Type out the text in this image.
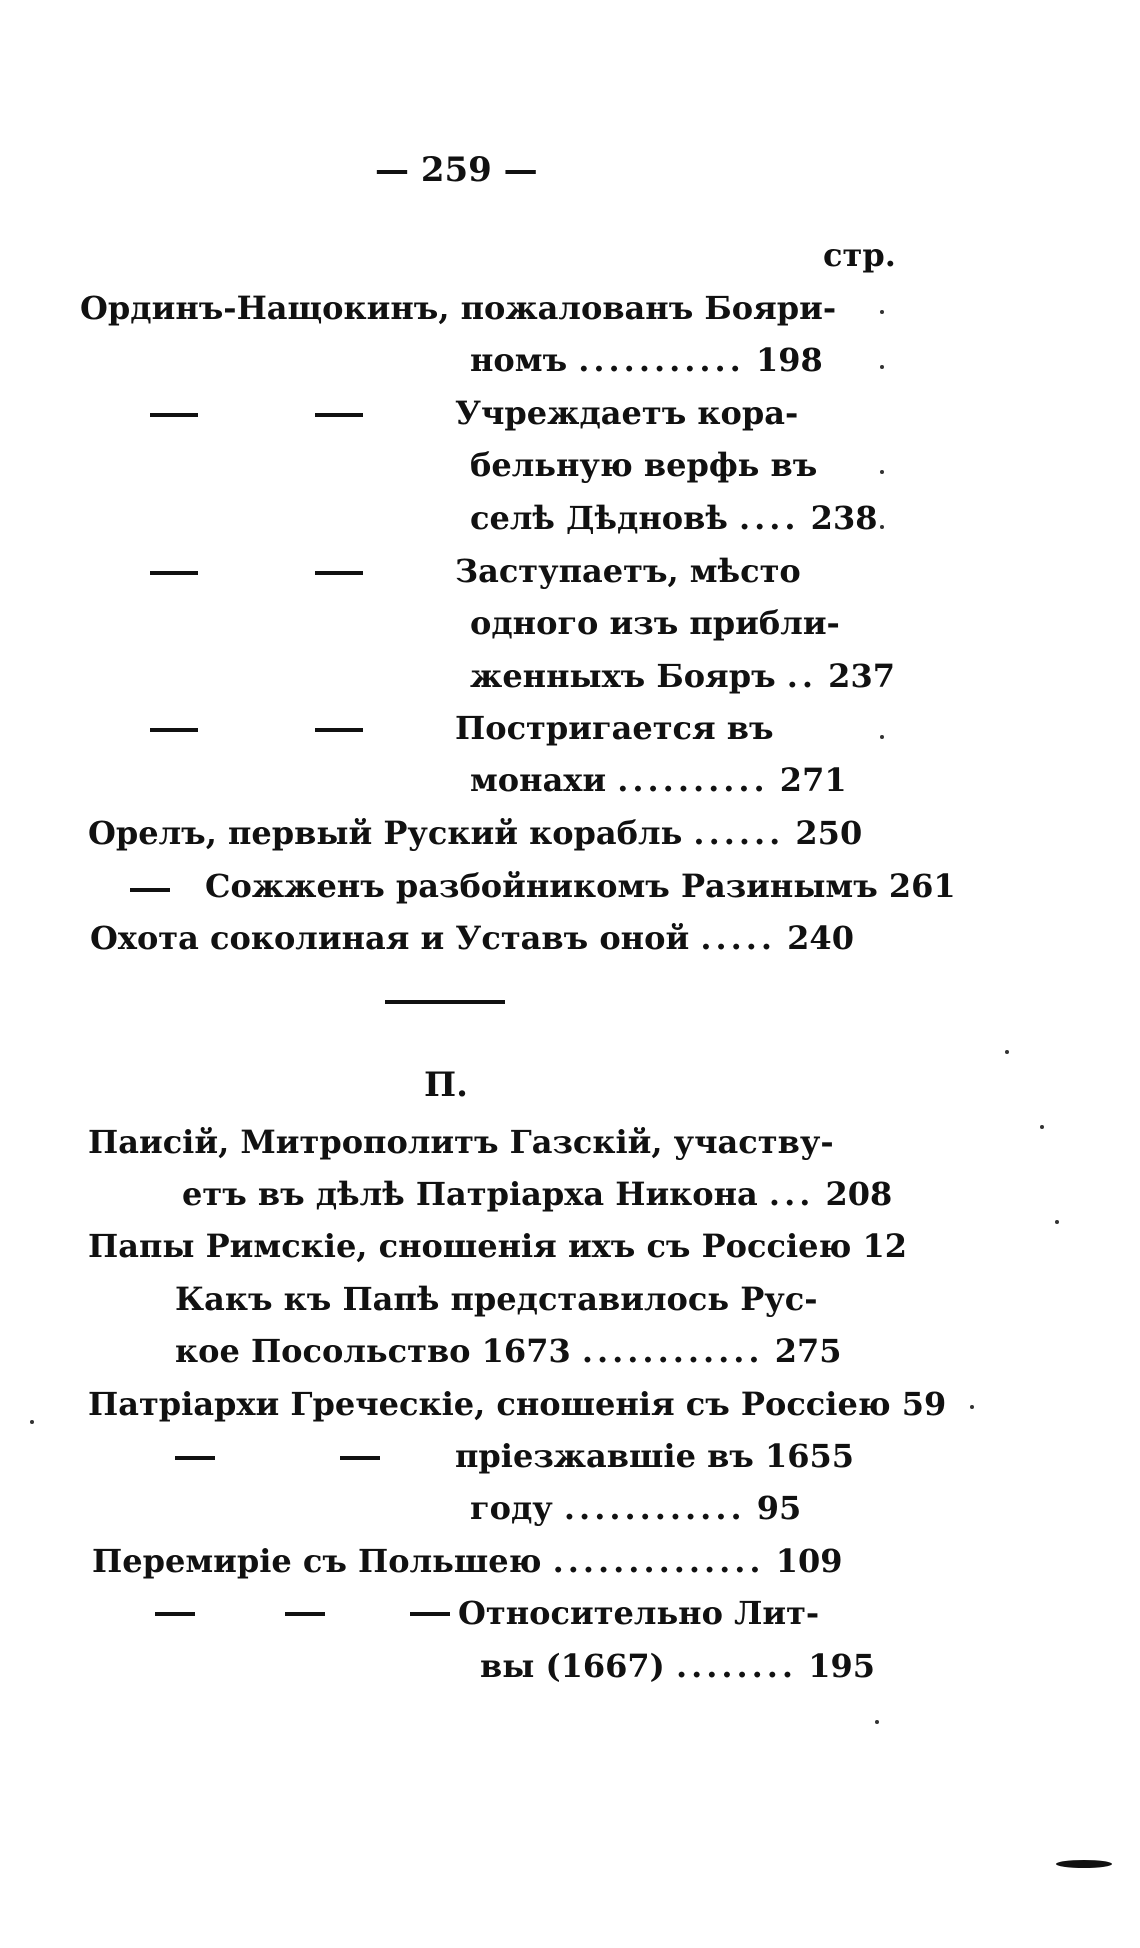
— 259 —
стр.
Ординъ-Нащокинъ, пожалованъ Бояри-
номъ ........... 198
Учреждаетъ кора-
бельную верфь въ
селѣ Дѣдновѣ .... 238
Заступаетъ, мѣсто
одного изъ прибли-
женныхъ Бояръ .. 237
Постригается въ
монахи .......... 271
Орелъ, первый Руский корабль ...... 250
Сожженъ разбойникомъ Разинымъ 261
Охота соколиная и Уставъ оной ..... 240
П.
Паисій, Митрополитъ Газскій, участву-
етъ въ дѣлѣ Патріарха Никона ... 208
Папы Римскіе, сношенія ихъ съ Россіею 12
Какъ къ Папѣ представилось Рус-
кое Посольство 1673 ............ 275
Патріархи Греческіе, сношенія съ Россіею 59
пріезжавшіе въ 1655
году ............ 95
Перемиріе съ Польшею .............. 109
Относительно Лит-
вы (1667) ........ 195
